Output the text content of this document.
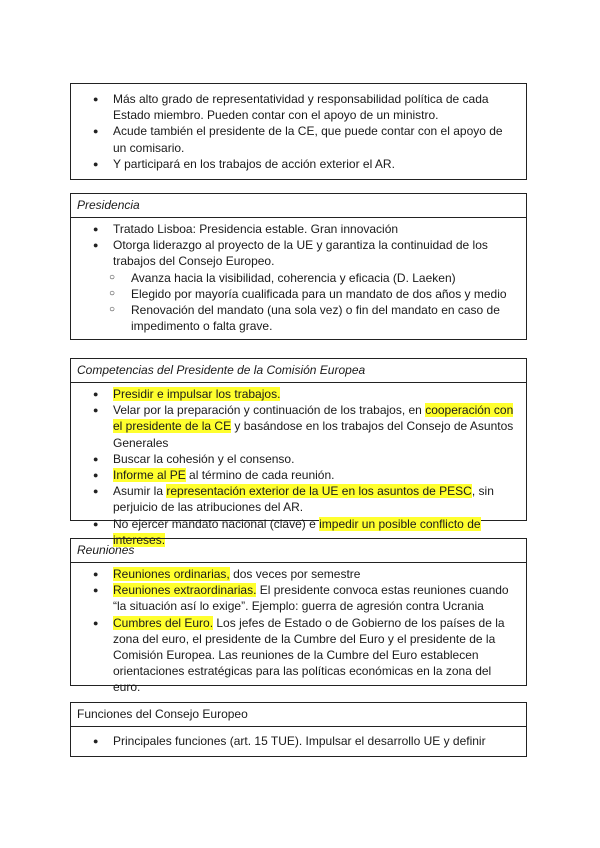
● Más alto grado de representatividad y responsabilidad política de cada Estado miembro. Pueden contar con el apoyo de un ministro.
● Acude también el presidente de la CE, que puede contar con el apoyo de un comisario.
● Y participará en los trabajos de acción exterior el AR.
Presidencia
● Tratado Lisboa: Presidencia estable. Gran innovación
● Otorga liderazgo al proyecto de la UE y garantiza la continuidad de los trabajos del Consejo Europeo.
○ Avanza hacia la visibilidad, coherencia y eficacia (D. Laeken)
○ Elegido por mayoría cualificada para un mandato de dos años y medio
○ Renovación del mandato (una sola vez) o fin del mandato en caso de impedimento o falta grave.
Competencias del Presidente de la Comisión Europea
● Presidir e impulsar los trabajos.
● Velar por la preparación y continuación de los trabajos, en cooperación con el presidente de la CE y basándose en los trabajos del Consejo de Asuntos Generales
● Buscar la cohesión y el consenso.
● Informe al PE al término de cada reunión.
● Asumir la representación exterior de la UE en los asuntos de PESC, sin perjuicio de las atribuciones del AR.
● No ejercer mandato nacional (clave) e impedir un posible conflicto de intereses.
Reuniones
● Reuniones ordinarias, dos veces por semestre
● Reuniones extraordinarias. El presidente convoca estas reuniones cuando “la situación así lo exige”. Ejemplo: guerra de agresión contra Ucrania
● Cumbres del Euro. Los jefes de Estado o de Gobierno de los países de la zona del euro, el presidente de la Cumbre del Euro y el presidente de la Comisión Europea. Las reuniones de la Cumbre del Euro establecen orientaciones estratégicas para las políticas económicas en la zona del euro.
Funciones del Consejo Europeo
● Principales funciones (art. 15 TUE). Impulsar el desarrollo UE y definir
